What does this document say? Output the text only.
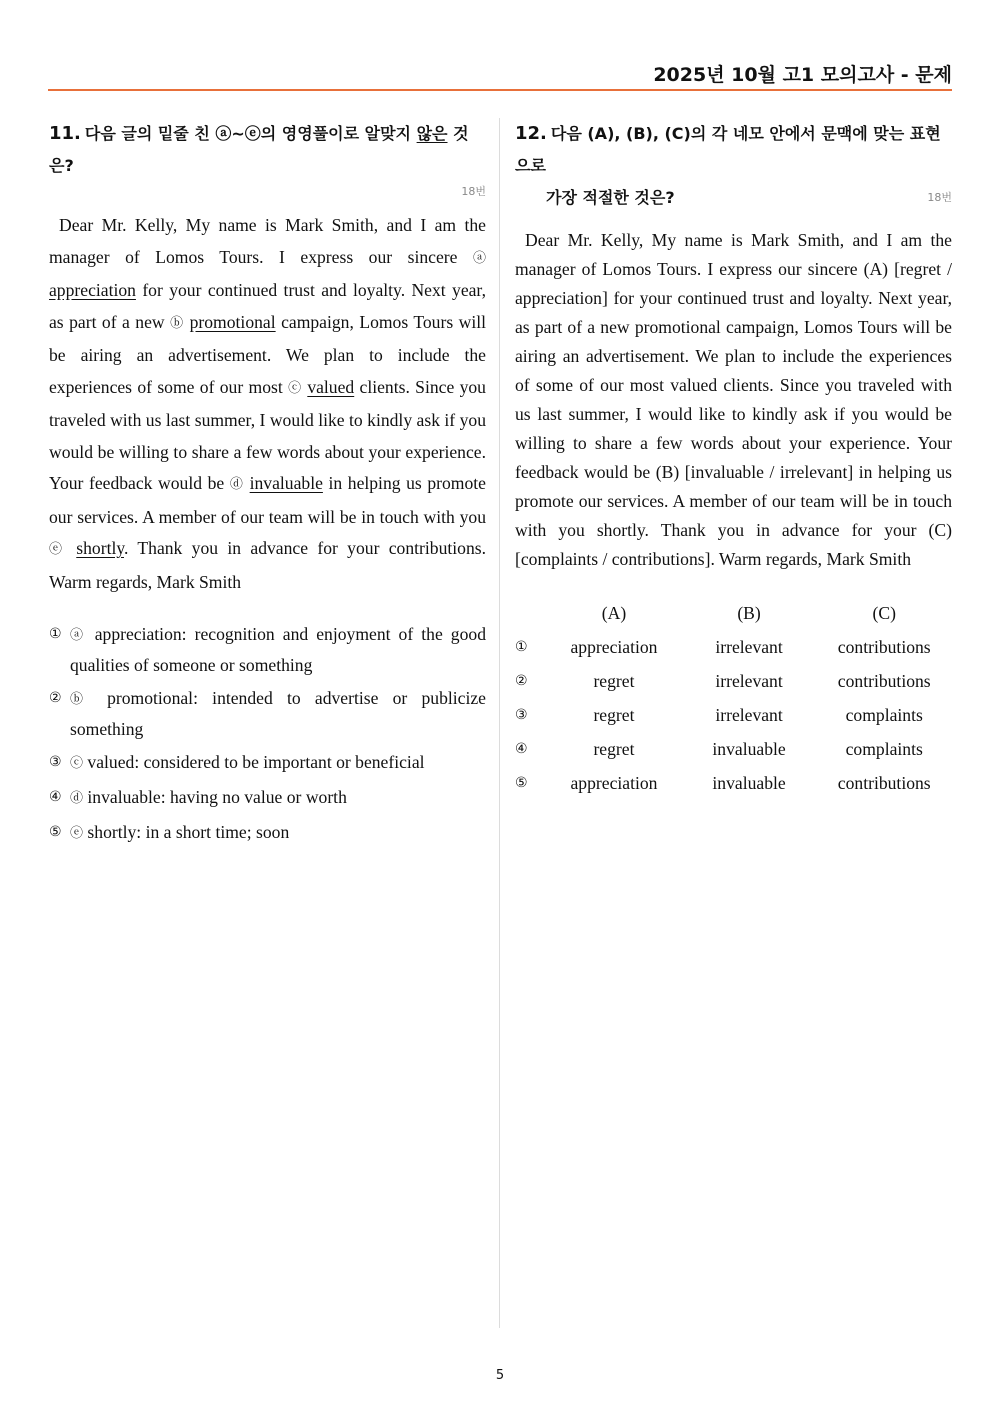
2025년 10월 고1 모의고사 - 문제
11. 다음 글의 밑줄 친 ⓐ~ⓔ의 영영풀이로 알맞지 않은 것은?
18번
Dear Mr. Kelly, My name is Mark Smith, and I am the manager of Lomos Tours. I express our sincere ⓐ appreciation for your continued trust and loyalty. Next year, as part of a new ⓑ promotional campaign, Lomos Tours will be airing an advertisement. We plan to include the experiences of some of our most ⓒ valued clients. Since you traveled with us last summer, I would like to kindly ask if you would be willing to share a few words about your experience. Your feedback would be ⓓ invaluable in helping us promote our services. A member of our team will be in touch with you ⓔ shortly. Thank you in advance for your contributions. Warm regards, Mark Smith
① ⓐ appreciation: recognition and enjoyment of the good qualities of someone or something
② ⓑ promotional: intended to advertise or publicize something
③ ⓒ valued: considered to be important or beneficial
④ ⓓ invaluable: having no value or worth
⑤ ⓔ shortly: in a short time; soon
12. 다음 (A), (B), (C)의 각 네모 안에서 문맥에 맞는 표현으로
가장 적절한 것은?	18번
Dear Mr. Kelly, My name is Mark Smith, and I am the manager of Lomos Tours. I express our sincere (A) [regret / appreciation] for your continued trust and loyalty. Next year, as part of a new promotional campaign, Lomos Tours will be airing an advertisement. We plan to include the experiences of some of our most valued clients. Since you traveled with us last summer, I would like to kindly ask if you would be willing to share a few words about your experience. Your feedback would be (B) [invaluable / irrelevant] in helping us promote our services. A member of our team will be in touch with you shortly. Thank you in advance for your (C) [complaints / contributions]. Warm regards, Mark Smith
	(A)	(B)	(C)
①	appreciation	irrelevant	contributions
②	regret	irrelevant	contributions
③	regret	irrelevant	complaints
④	regret	invaluable	complaints
⑤	appreciation	invaluable	contributions
5
